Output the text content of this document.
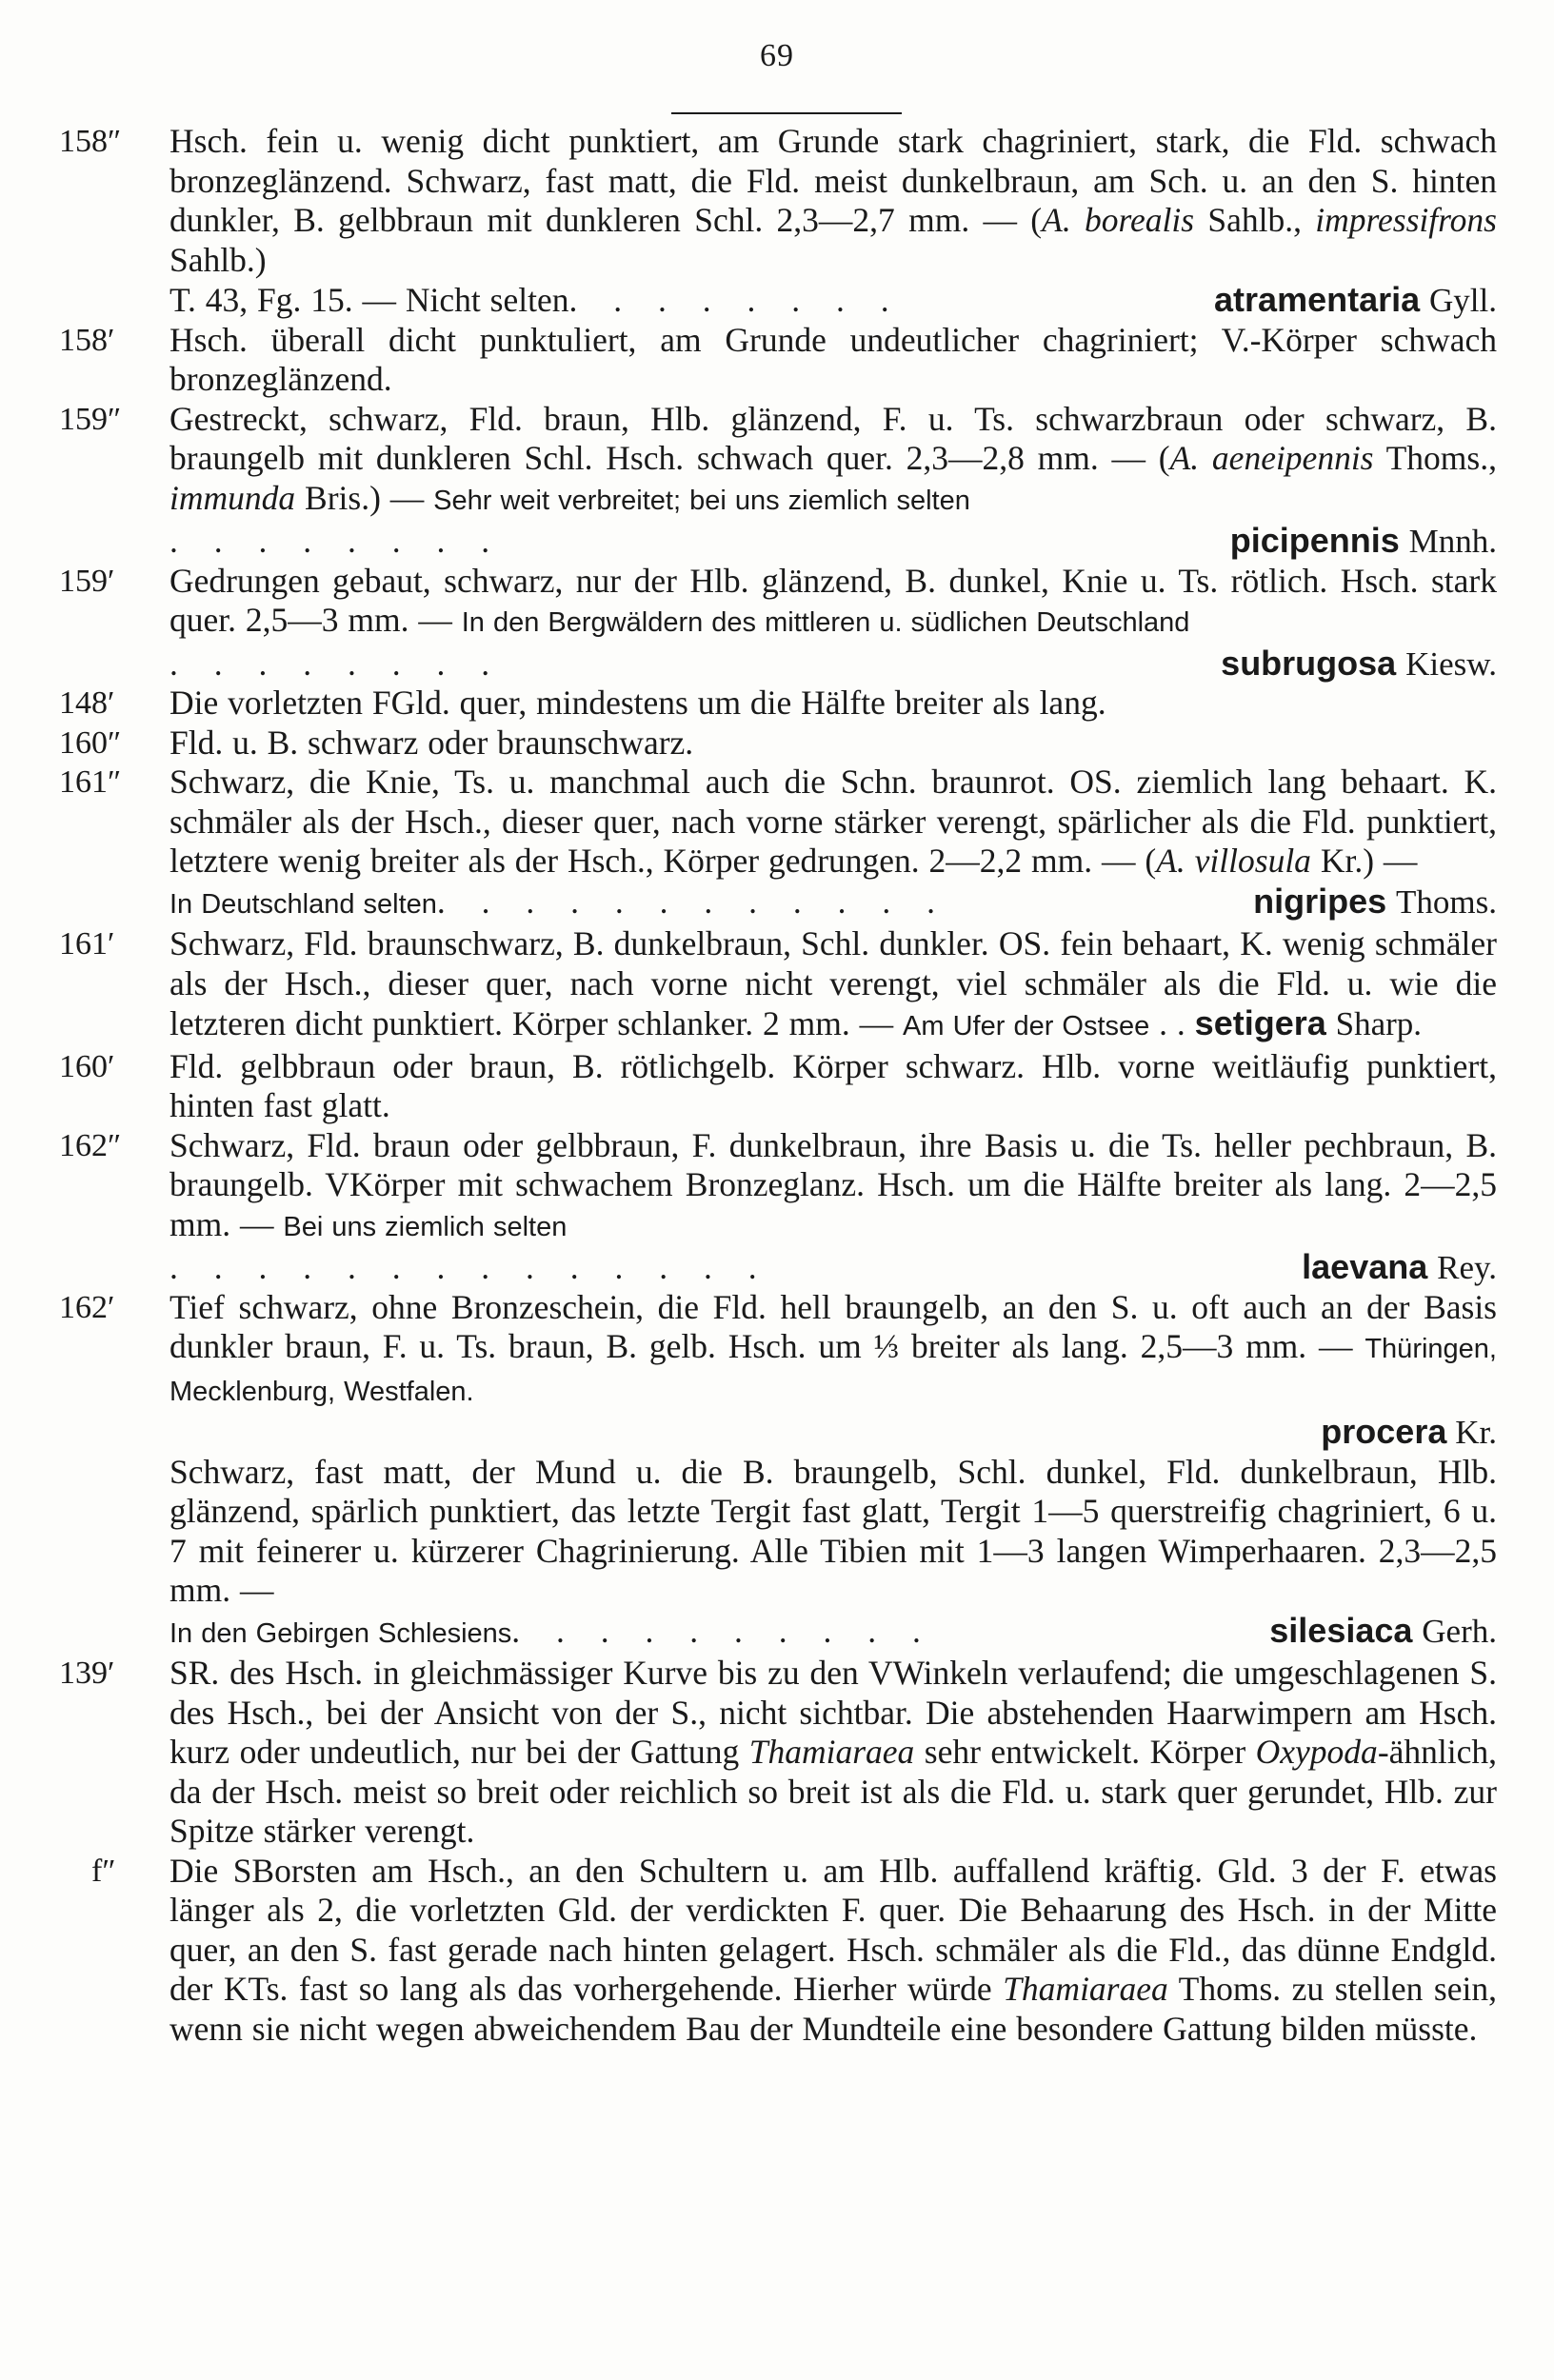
69
158″	Hsch. fein u. wenig dicht punktiert, am Grunde stark chagriniert, stark, die Fld. schwach bronzeglänzend. Schwarz, fast matt, die Fld. meist dunkelbraun, am Sch. u. an den S. hinten dunkler, B. gelbbraun mit dunkleren Schl. 2,3—2,7 mm. — (A. borealis Sahlb., impressifrons Sahlb.)
T. 43, Fg. 15. — Nicht selten . . . . . . . .	atramentaria Gyll.
158′	Hsch. überall dicht punktuliert, am Grunde undeutlicher chagriniert; V.-Körper schwach bronzeglänzend.
159″	Gestreckt, schwarz, Fld. braun, Hlb. glänzend, F. u. Ts. schwarzbraun oder schwarz, B. braungelb mit dunkleren Schl. Hsch. schwach quer. 2,3—2,8 mm. — (A. aeneipennis Thoms., immunda Bris.) — Sehr weit verbreitet; bei uns ziemlich selten
. . . . . . . .	picipennis Mnnh.
159′	Gedrungen gebaut, schwarz, nur der Hlb. glänzend, B. dunkel, Knie u. Ts. rötlich. Hsch. stark quer. 2,5—3 mm. — In den Bergwäldern des mittleren u. südlichen Deutschland
. . . . . . . .	subrugosa Kiesw.
148′	Die vorletzten FGld. quer, mindestens um die Hälfte breiter als lang.
160″	Fld. u. B. schwarz oder braunschwarz.
161″	Schwarz, die Knie, Ts. u. manchmal auch die Schn. braunrot. OS. ziemlich lang behaart. K. schmäler als der Hsch., dieser quer, nach vorne stärker verengt, spärlicher als die Fld. punktiert, letztere wenig breiter als der Hsch., Körper gedrungen. 2—2,2 mm. — (A. villosula Kr.) —
In Deutschland selten . . . . . . . . . . . .	nigripes Thoms.
161′	Schwarz, Fld. braunschwarz, B. dunkelbraun, Schl. dunkler. OS. fein behaart, K. wenig schmäler als der Hsch., dieser quer, nach vorne nicht verengt, viel schmäler als die Fld. u. wie die letzteren dicht punktiert. Körper schlanker. 2 mm. — Am Ufer der Ostsee . . setigera Sharp.
160′	Fld. gelbbraun oder braun, B. rötlichgelb. Körper schwarz. Hlb. vorne weitläufig punktiert, hinten fast glatt.
162″	Schwarz, Fld. braun oder gelbbraun, F. dunkelbraun, ihre Basis u. die Ts. heller pechbraun, B. braungelb. VKörper mit schwachem Bronzeglanz. Hsch. um die Hälfte breiter als lang. 2—2,5 mm. — Bei uns ziemlich selten
. . . . . . . . . . . . . .	laevana Rey.
162′	Tief schwarz, ohne Bronzeschein, die Fld. hell braungelb, an den S. u. oft auch an der Basis dunkler braun, F. u. Ts. braun, B. gelb. Hsch. um ⅓ breiter als lang. 2,5—3 mm. — Thüringen, Mecklenburg, Westfalen.
procera Kr.
Schwarz, fast matt, der Mund u. die B. braungelb, Schl. dunkel, Fld. dunkelbraun, Hlb. glänzend, spärlich punktiert, das letzte Tergit fast glatt, Tergit 1—5 querstreifig chagriniert, 6 u. 7 mit feinerer u. kürzerer Chagrinierung. Alle Tibien mit 1—3 langen Wimperhaaren. 2,3—2,5 mm. —
In den Gebirgen Schlesiens . . . . . . . . . .	silesiaca Gerh.
139′	SR. des Hsch. in gleichmässiger Kurve bis zu den VWinkeln verlaufend; die umgeschlagenen S. des Hsch., bei der Ansicht von der S., nicht sichtbar. Die abstehenden Haarwimpern am Hsch. kurz oder undeutlich, nur bei der Gattung Thamiaraea sehr entwickelt. Körper Oxypoda-ähnlich, da der Hsch. meist so breit oder reichlich so breit ist als die Fld. u. stark quer gerundet, Hlb. zur Spitze stärker verengt.
f″	Die SBorsten am Hsch., an den Schultern u. am Hlb. auffallend kräftig. Gld. 3 der F. etwas länger als 2, die vorletzten Gld. der verdickten F. quer. Die Behaarung des Hsch. in der Mitte quer, an den S. fast gerade nach hinten gelagert. Hsch. schmäler als die Fld., das dünne Endgld. der KTs. fast so lang als das vorhergehende. Hierher würde Thamiaraea Thoms. zu stellen sein, wenn sie nicht wegen abweichendem Bau der Mundteile eine besondere Gattung bilden müsste.
